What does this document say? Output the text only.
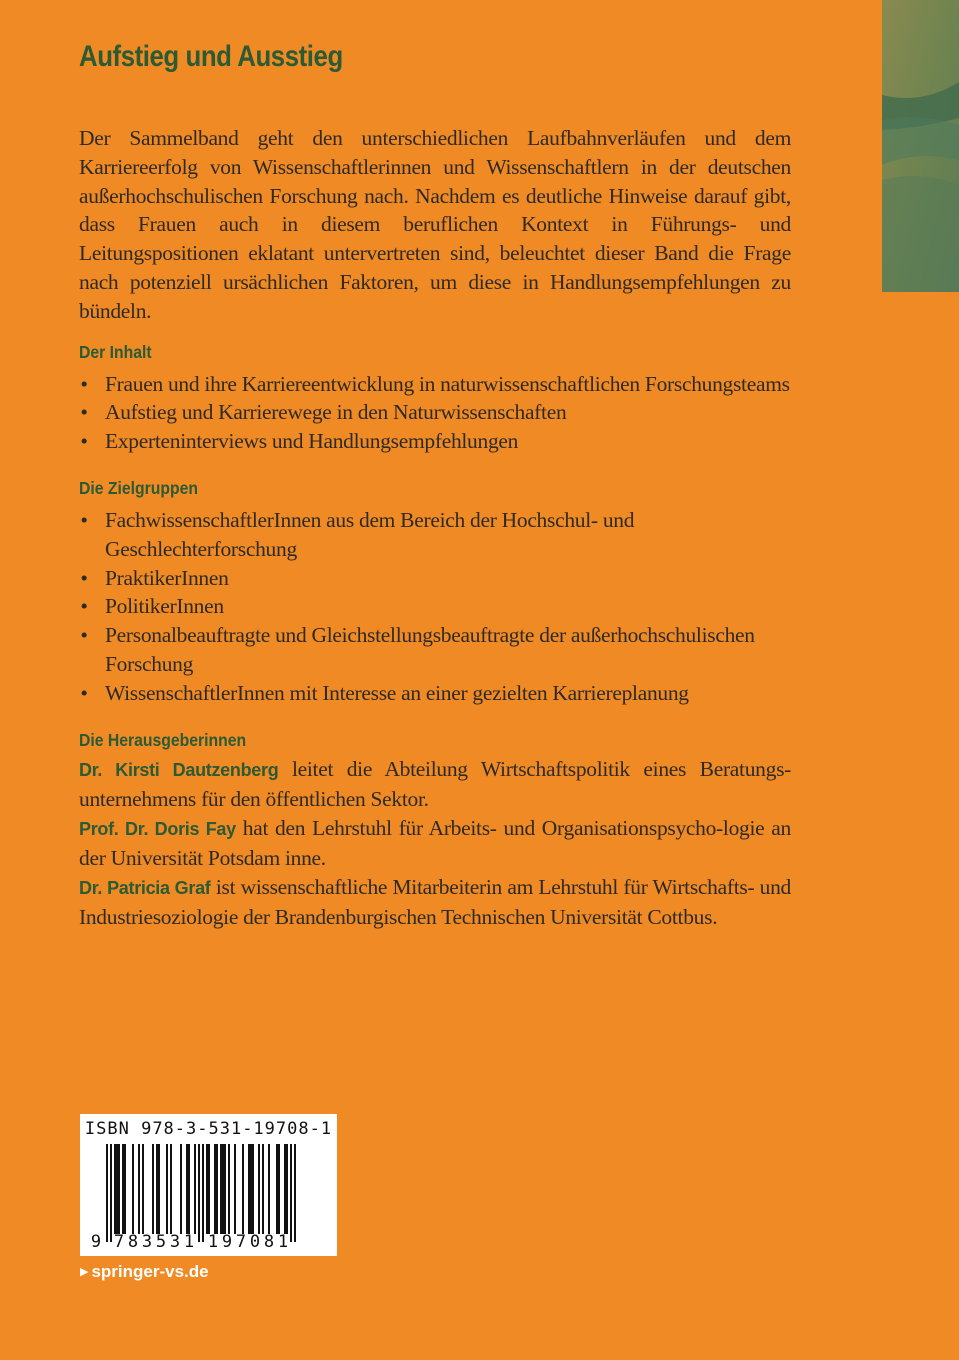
Aufstieg und Ausstieg

Der Sammelband geht den unterschiedlichen Laufbahnverläufen und dem Karriereerfolg von Wissenschaftlerinnen und Wissenschaftlern in der deutschen außerhochschulischen Forschung nach. Nachdem es deutliche Hinweise darauf gibt, dass Frauen auch in diesem beruflichen Kontext in Führungs- und Leitungspositionen eklatant untervertreten sind, beleuchtet dieser Band die Frage nach potenziell ursächlichen Faktoren, um diese in Handlungsempfehlungen zu bündeln.

Der Inhalt
• Frauen und ihre Karriereentwicklung in naturwissenschaftlichen Forschungsteams
• Aufstieg und Karrierewege in den Naturwissenschaften
• Experteninterviews und Handlungsempfehlungen
Die Zielgruppen
• FachwissenschaftlerInnen aus dem Bereich der Hochschul- und Geschlechterforschung
• PraktikerInnen
• PolitikerInnen
• Personalbeauftragte und Gleichstellungsbeauftragte der außerhochschulischen Forschung
• WissenschaftlerInnen mit Interesse an einer gezielten Karriereplanung
Die Herausgeberinnen

Dr. Kirsti Dautzenberg leitet die Abteilung Wirtschaftspolitik eines Beratungs-unternehmens für den öffentlichen Sektor.

Prof. Dr. Doris Fay hat den Lehrstuhl für Arbeits- und Organisationspsycho-logie an der Universität Potsdam inne.

Dr. Patricia Graf ist wissenschaftliche Mitarbeiterin am Lehrstuhl für Wirtschafts- und Industriesoziologie der Brandenburgischen Technischen Universität Cottbus.

ISBN 978-3-531-19708-1
9 7 8 3 5 3 1 1 9 7 0 8 1
▶ springer-vs.de
